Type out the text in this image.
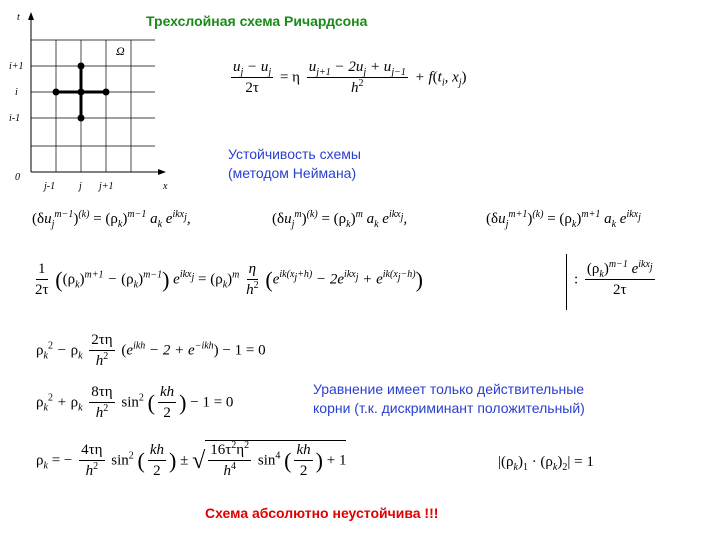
t
x
0
i+1
i
i-1
j-1 j j+1
Ω
Трехслойная схема Ричардсона
$\frac{u_j - u_j}{2\tau} = \eta \frac{u_{j+1} - 2u_j + u_{j-1}}{h^2} + f(t_i$, $x_j$)
Устойчивость схемы
(методом Неймана)
$(\delta u_j^{m-1})^{(k)} = (\rho_k)^{m-1}$ $a_k$ $e^{ikx_j}$,	$(\delta u_j^m)^{(k)} = (\rho_k)^m$ $a_k$ $e^{ikx_j}$,	$(\delta u_j^{m+1})^{(k)} = (\rho_k)^{m+1}$ $a_k$ $e^{ikx_j}$
$\frac{1}{2\tau} ((\rho_k)^{m+1} - (\rho_k)^{m-1}) e^{ikx_j} = (\rho_k)^m \frac{\eta}{h^2} (e^{ik(x_j+h)} - 2e^{ikx_j} + e^{ik(x_j-h)})$	: $\frac{(\rho_k)^{m-1} e^{ikx_j}}{2\tau}$
$\rho_k^2 - \rho_k \frac{2\tau\eta}{h^2} (e^{ikh} - 2 + e^{-ikh}) - 1 = 0$
$\rho_k^2 + \rho_k \frac{8\tau\eta}{h^2} \sin^2$ ( $\frac{kh}{2}$ ) − 1 = 0
Уравнение имеет только действительные
корни (т.к. дискриминант положительный)
$\rho_k$ = − $\frac{4\tau\eta}{h^2} \sin^2$ ( $\frac{kh}{2}$ ) ± √ $\frac{16\tau^2\eta^2}{h^4} \sin^4$ ( $\frac{kh}{2}$ ) + 1	$|(\rho_k)_1 \cdot (\rho_k)_2| = 1$
Схема абсолютно неустойчива !!!
